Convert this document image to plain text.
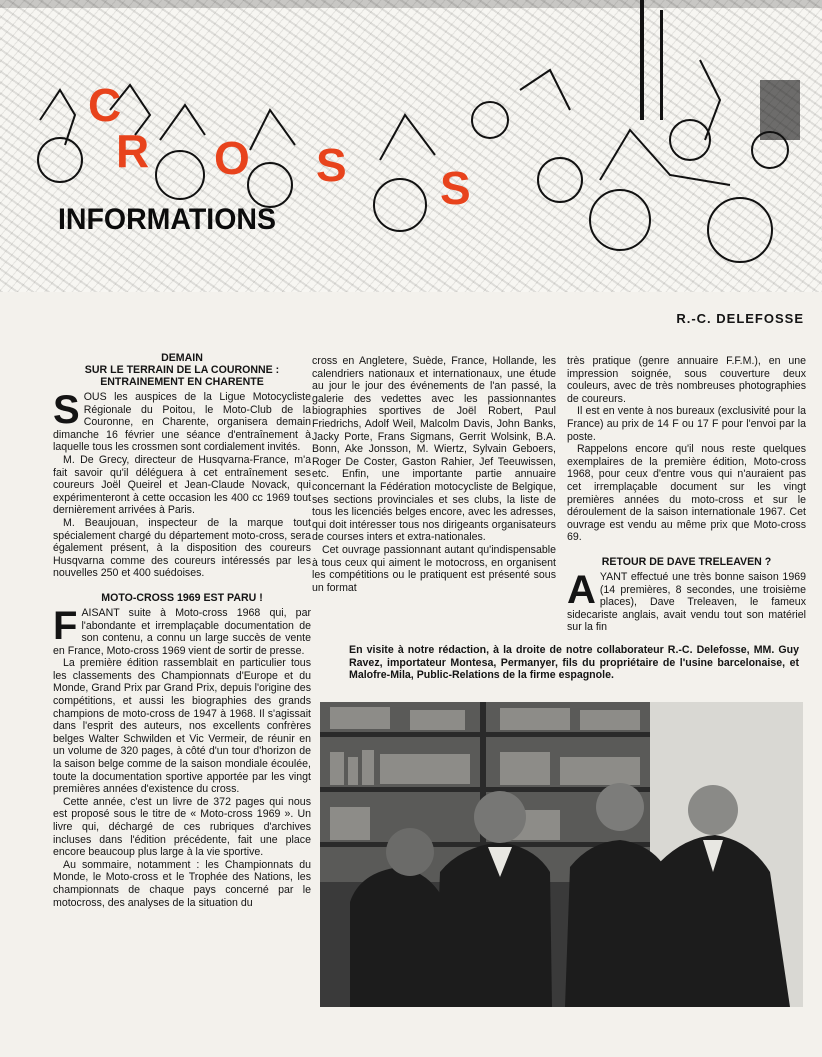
C
R O S S
INFORMATIONS
R.-C. DELEFOSSE
DEMAIN
SUR LE TERRAIN DE LA COURONNE :
ENTRAINEMENT EN CHARENTE

SOUS les auspices de la Ligue Motocycliste Régionale du Poitou, le Moto-Club de la Couronne, en Charente, organisera demain dimanche 16 février une séance d'entraînement à laquelle tous les crossmen sont cordialement invités.

M. De Grecy, directeur de Husqvarna-France, m'a fait savoir qu'il déléguera à cet entraînement ses coureurs Joël Queirel et Jean-Claude Novack, qui expérimenteront à cette occasion les 400 cc 1969 tout dernièrement arrivées à Paris.

M. Beaujouan, inspecteur de la marque tout spécialement chargé du département moto-cross, sera également présent, à la disposition des coureurs Husqvarna comme des coureurs intéressés par les nouvelles 250 et 400 suédoises.

MOTO-CROSS 1969 EST PARU !

FAISANT suite à Moto-cross 1968 qui, par l'abondante et irremplaçable documentation de son contenu, a connu un large succès de vente en France, Moto-cross 1969 vient de sortir de presse.

La première édition rassemblait en particulier tous les classements des Championnats d'Europe et du Monde, Grand Prix par Grand Prix, depuis l'origine des compétitions, et aussi les biographies des grands champions de moto-cross de 1947 à 1968. Il s'agissait dans l'esprit des auteurs, nos excellents confrères belges Walter Schwilden et Vic Vermeir, de réunir en un volume de 320 pages, à côté d'un tour d'horizon de la saison belge comme de la saison mondiale écoulée, toute la documentation sportive apportée par les vingt premières années d'existence du cross.

Cette année, c'est un livre de 372 pages qui nous est proposé sous le titre de « Moto-cross 1969 ». Un livre qui, déchargé de ces rubriques d'archives incluses dans l'édition précédente, fait une place encore beaucoup plus large à la vie sportive.

Au sommaire, notamment : les Championnats du Monde, le Moto-cross et le Trophée des Nations, les championnats de chaque pays concerné par le motocross, des analyses de la situation du

cross en Angletere, Suède, France, Hollande, les calendriers nationaux et internationaux, une étude au jour le jour des événements de l'an passé, la galerie des vedettes avec les passionnantes biographies sportives de Joël Robert, Paul Friedrichs, Adolf Weil, Malcolm Davis, John Banks, Jacky Porte, Frans Sigmans, Gerrit Wolsink, B.A. Bonn, Ake Jonsson, M. Wiertz, Sylvain Geboers, Roger De Coster, Gaston Rahier, Jef Teeuwissen, etc. Enfin, une importante partie annuaire concernant la Fédération motocycliste de Belgique, ses sections provinciales et ses clubs, la liste de tous les licenciés belges encore, avec les adresses, qui doit intéresser tous nos dirigeants organisateurs de courses inters et extra-nationales.

Cet ouvrage passionnant autant qu'indispensable à tous ceux qui aiment le motocross, en organisent les compétitions ou le pratiquent est présenté sous un format

très pratique (genre annuaire F.F.M.), en une impression soignée, sous couverture deux couleurs, avec de très nombreuses photographies de coureurs.

Il est en vente à nos bureaux (exclusivité pour la France) au prix de 14 F ou 17 F pour l'envoi par la poste.

Rappelons encore qu'il nous reste quelques exemplaires de la première édition, Moto-cross 1968, pour ceux d'entre vous qui n'auraient pas cet irremplaçable document sur les vingt premières années du moto-cross et sur le déroulement de la saison internationale 1967. Cet ouvrage est vendu au même prix que Moto-cross 69.

RETOUR DE DAVE TRELEAVEN ?

AYANT effectué une très bonne saison 1969 (14 premières, 8 secondes, une troisième places), Dave Treleaven, le fameux sidecariste anglais, avait vendu tout son matériel sur la fin

En visite à notre rédaction, à la droite de notre collaborateur R.-C. Delefosse, MM. Guy Ravez, importateur Montesa, Permanyer, fils du propriétaire de l'usine barcelonaise, et Malofre-Mila, Public-Relations de la firme espagnole.
